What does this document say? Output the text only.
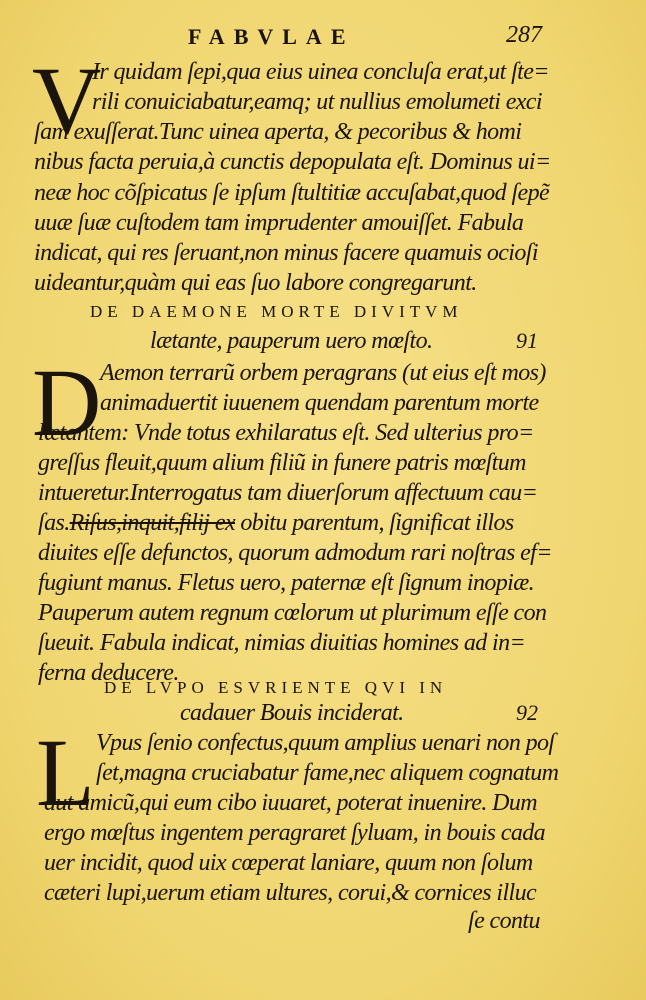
FABVLAE	287
V
Ir quidam ſepi,qua eius uinea concluſa erat,ut ſte=
rili conuiciabatur,eamq; ut nullius emolumeti exci
ſam exuſſerat.Tunc uinea aperta, & pecoribus & homi
nibus facta peruia,à cunctis depopulata eſt. Dominus ui=
neæ hoc cõſpicatus ſe ipſum ſtultitiæ accuſabat,quod ſepẽ
uuæ ſuæ cuſtodem tam imprudenter amouiſſet. Fabula
indicat, qui res ſeruant,non minus facere quamuis ocioſi
uideantur,quàm qui eas ſuo labore congregarunt.
DE DAEMONE MORTE DIVITVM
lætante, pauperum uero mœſto.	91
D
Aemon terrarũ orbem peragrans (ut eius eſt mos)
animaduertit iuuenem quendam parentum morte
lætantem: Vnde totus exhilaratus eſt. Sed ulterius pro=
greſſus fleuit,quum alium filiũ in funere patris mœſtum
intueretur.Interrogatus tam diuerſorum affectuum cau=
ſas.Riſus,inquit,filij ex obitu parentum, ſignificat illos
diuites eſſe defunctos, quorum admodum rari noſtras ef=
fugiunt manus. Fletus uero, paternæ eſt ſignum inopiæ.
Pauperum autem regnum cœlorum ut plurimum eſſe con
ſueuit. Fabula indicat, nimias diuitias homines ad in=
ferna deducere.
DE LVPO ESVRIENTE QVI IN
cadauer Bouis inciderat.	92
L Vpus ſenio confectus,quum amplius uenari non poſ
ſet,magna cruciabatur fame,nec aliquem cognatum
aut amicũ,qui eum cibo iuuaret, poterat inuenire. Dum
ergo mœſtus ingentem peragraret ſyluam, in bouis cada
uer incidit, quod uix cœperat laniare, quum non ſolum
cæteri lupi,uerum etiam ultures, corui,& cornices illuc
ſe contu
